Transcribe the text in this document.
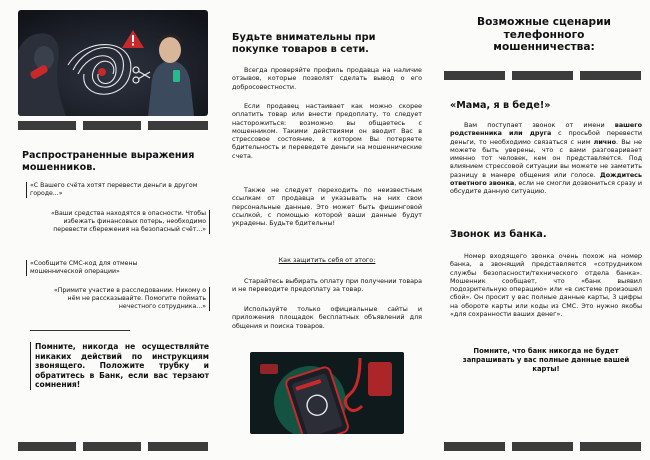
Распространенные выражения мошенников.
«С Вашего счёта хотят перевести деньги в другом городе...»
«Ваши средства находятся в опасности. Чтобы избежать финансовых потерь, необходимо перевести сбережения на безопасный счёт...»
«Сообщите СМС-код для отмены мошеннической операции»
«Примите участие в расследовании. Никому о нём не рассказывайте. Помогите поймать нечестного сотрудника...»

Помните, никогда не осуществляйте никаких действий по инструкциям звонящего. Положите трубку и обратитесь в Банк, если вас терзают сомнения!

Будьте внимательны при покупке товаров в сети.

Всегда проверяйте профиль продавца на наличие отзывов, которые позволят сделать вывод о его добросовестности.

Если продавец настаивает как можно скорее оплатить товар или внести предоплату, то следует насторожиться: возможно вы общаетесь с мошенником. Такими действиями он вводит Вас в стрессовое состояние, в котором Вы потеряете бдительность и переведете деньги на мошеннические счета.

Также не следует переходить по неизвестным ссылкам от продавца и указывать на них свои персональные данные. Это может быть фишинговой ссылкой, с помощью которой ваши данные будут украдены. Будьте бдительны!

Как защитить себя от этого:

Старайтесь выбирать оплату при получении товара и не переводите предоплату за товар.

Используйте только официальные сайты и приложения площадок бесплатных объявлений для общения и поиска товаров.

Возможные сценарии телефонного мошенничества:
«Мама, я в беде!»

Вам поступает звонок от имени вашего родственника или друга с просьбой перевести деньги, то необходимо связаться с ним лично. Вы не можете быть уверены, что с вами разговаривает именно тот человек, кем он представляется. Под влиянием стрессовой ситуации вы можете не заметить разницу в манере общения или голосе. Дождитесь ответного звонка, если не смогли дозвониться сразу и обсудите данную ситуацию.

Звонок из банка.

Номер входящего звонка очень похож на номер банка, а звонящий представляется «сотрудником службы безопасности/технического отдела банка». Мошенник сообщает, что «банк выявил подозрительную операцию» или «в системе произошел сбой». Он просит у вас полные данные карты, 3 цифры на обороте карты или коды из СМС. Это нужно якобы «для сохранности ваших денег».

Помните, что банк никогда не будет запрашивать у вас полные данные вашей карты!
